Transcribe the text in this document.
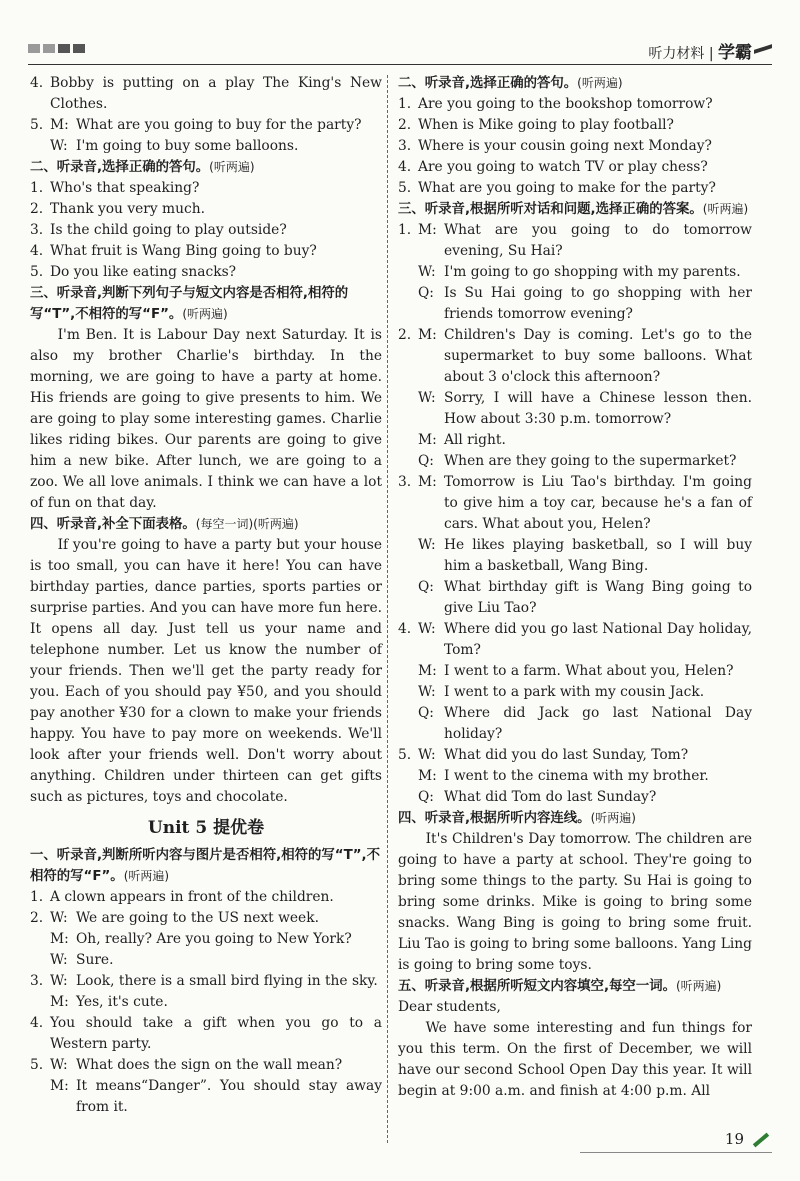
听力材料 | 学霸
4. Bobby is putting on a play The King's New Clothes.
5. M: What are you going to buy for the party?
W: I'm going to buy some balloons.
二、听录音,选择正确的答句。(听两遍)
1. Who's that speaking?
2. Thank you very much.
3. Is the child going to play outside?
4. What fruit is Wang Bing going to buy?
5. Do you like eating snacks?
三、听录音,判断下列句子与短文内容是否相符,相符的写“T”,不相符的写“F”。(听两遍)
I'm Ben. It is Labour Day next Saturday. It is also my brother Charlie's birthday. In the morning, we are going to have a party at home. His friends are going to give presents to him. We are going to play some interesting games. Charlie likes riding bikes. Our parents are going to give him a new bike. After lunch, we are going to a zoo. We all love animals. I think we can have a lot of fun on that day.
四、听录音,补全下面表格。(每空一词)(听两遍)
If you're going to have a party but your house is too small, you can have it here! You can have birthday parties, dance parties, sports parties or surprise parties. And you can have more fun here. It opens all day. Just tell us your name and telephone number. Let us know the number of your friends. Then we'll get the party ready for you. Each of you should pay ¥50, and you should pay another ¥30 for a clown to make your friends happy. You have to pay more on weekends. We'll look after your friends well. Don't worry about anything. Children under thirteen can get gifts such as pictures, toys and chocolate.
Unit 5 提优卷
一、听录音,判断所听内容与图片是否相符,相符的写“T”,不相符的写“F”。(听两遍)
1. A clown appears in front of the children.
2. W: We are going to the US next week.
M: Oh, really? Are you going to New York?
W: Sure.
3. W: Look, there is a small bird flying in the sky.
M: Yes, it's cute.
4. You should take a gift when you go to a Western party.
5. W: What does the sign on the wall mean?
M: It means“Danger”. You should stay away from it.
二、听录音,选择正确的答句。(听两遍)
1. Are you going to the bookshop tomorrow?
2. When is Mike going to play football?
3. Where is your cousin going next Monday?
4. Are you going to watch TV or play chess?
5. What are you going to make for the party?
三、听录音,根据所听对话和问题,选择正确的答案。(听两遍)
1. M: What are you going to do tomorrow evening, Su Hai?
W: I'm going to go shopping with my parents.
Q: Is Su Hai going to go shopping with her friends tomorrow evening?
2. M: Children's Day is coming. Let's go to the supermarket to buy some balloons. What about 3 o'clock this afternoon?
W: Sorry, I will have a Chinese lesson then. How about 3:30 p.m. tomorrow?
M: All right.
Q: When are they going to the supermarket?
3. M: Tomorrow is Liu Tao's birthday. I'm going to give him a toy car, because he's a fan of cars. What about you, Helen?
W: He likes playing basketball, so I will buy him a basketball, Wang Bing.
Q: What birthday gift is Wang Bing going to give Liu Tao?
4. W: Where did you go last National Day holiday, Tom?
M: I went to a farm. What about you, Helen?
W: I went to a park with my cousin Jack.
Q: Where did Jack go last National Day holiday?
5. W: What did you do last Sunday, Tom?
M: I went to the cinema with my brother.
Q: What did Tom do last Sunday?
四、听录音,根据所听内容连线。(听两遍)
It's Children's Day tomorrow. The children are going to have a party at school. They're going to bring some things to the party. Su Hai is going to bring some drinks. Mike is going to bring some snacks. Wang Bing is going to bring some fruit. Liu Tao is going to bring some balloons. Yang Ling is going to bring some toys.
五、听录音,根据所听短文内容填空,每空一词。(听两遍)
Dear students,
We have some interesting and fun things for you this term. On the first of December, we will have our second School Open Day this year. It will begin at 9:00 a.m. and finish at 4:00 p.m. All
19
